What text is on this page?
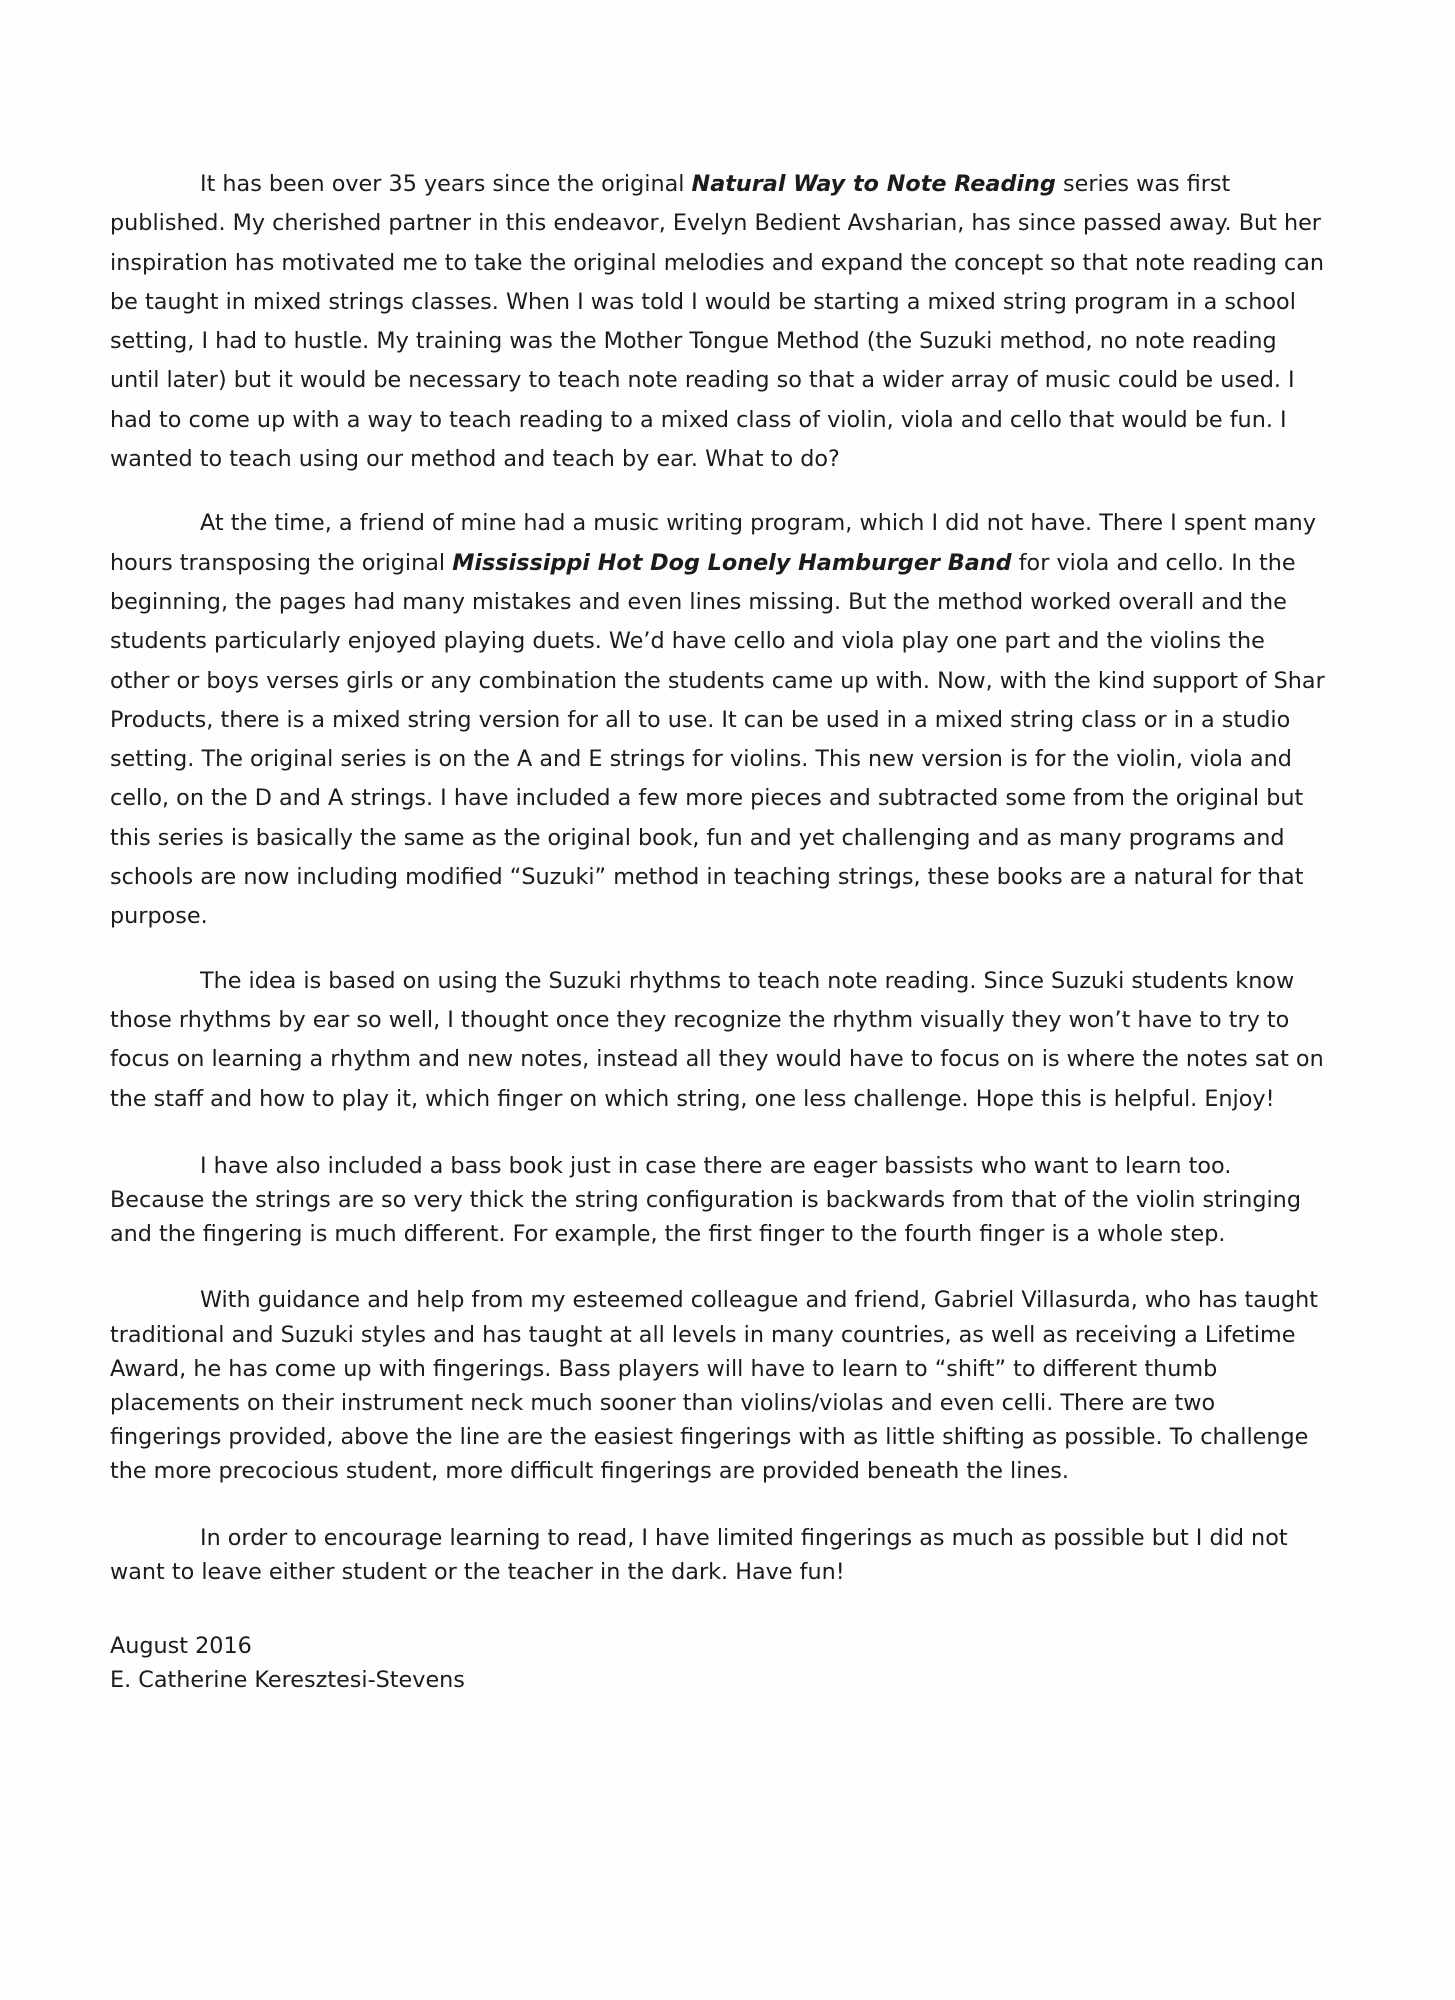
It has been over 35 years since the original Natural Way to Note Reading series was first published. My cherished partner in this endeavor, Evelyn Bedient Avsharian, has since passed away. But her inspiration has motivated me to take the original melodies and expand the concept so that note reading can be taught in mixed strings classes. When I was told I would be starting a mixed string program in a school setting, I had to hustle. My training was the Mother Tongue Method (the Suzuki method, no note reading until later) but it would be necessary to teach note reading so that a wider array of music could be used. I had to come up with a way to teach reading to a mixed class of violin, viola and cello that would be fun. I wanted to teach using our method and teach by ear. What to do?

At the time, a friend of mine had a music writing program, which I did not have. There I spent many hours transposing the original Mississippi Hot Dog Lonely Hamburger Band for viola and cello. In the beginning, the pages had many mistakes and even lines missing. But the method worked overall and the students particularly enjoyed playing duets. We’d have cello and viola play one part and the violins the other or boys verses girls or any combination the students came up with. Now, with the kind support of Shar Products, there is a mixed string version for all to use. It can be used in a mixed string class or in a studio setting. The original series is on the A and E strings for violins. This new version is for the violin, viola and cello, on the D and A strings. I have included a few more pieces and subtracted some from the original but this series is basically the same as the original book, fun and yet challenging and as many programs and schools are now including modified “Suzuki” method in teaching strings, these books are a natural for that purpose.

The idea is based on using the Suzuki rhythms to teach note reading. Since Suzuki students know those rhythms by ear so well, I thought once they recognize the rhythm visually they won’t have to try to focus on learning a rhythm and new notes, instead all they would have to focus on is where the notes sat on the staff and how to play it, which finger on which string, one less challenge. Hope this is helpful. Enjoy!

I have also included a bass book just in case there are eager bassists who want to learn too. Because the strings are so very thick the string configuration is backwards from that of the violin stringing and the fingering is much different. For example, the first finger to the fourth finger is a whole step.

With guidance and help from my esteemed colleague and friend, Gabriel Villasurda, who has taught traditional and Suzuki styles and has taught at all levels in many countries, as well as receiving a Lifetime Award, he has come up with fingerings. Bass players will have to learn to “shift” to different thumb placements on their instrument neck much sooner than violins/violas and even celli. There are two fingerings provided, above the line are the easiest fingerings with as little shifting as possible. To challenge the more precocious student, more difficult fingerings are provided beneath the lines.

In order to encourage learning to read, I have limited fingerings as much as possible but I did not want to leave either student or the teacher in the dark. Have fun!

August 2016

E. Catherine Keresztesi-Stevens
